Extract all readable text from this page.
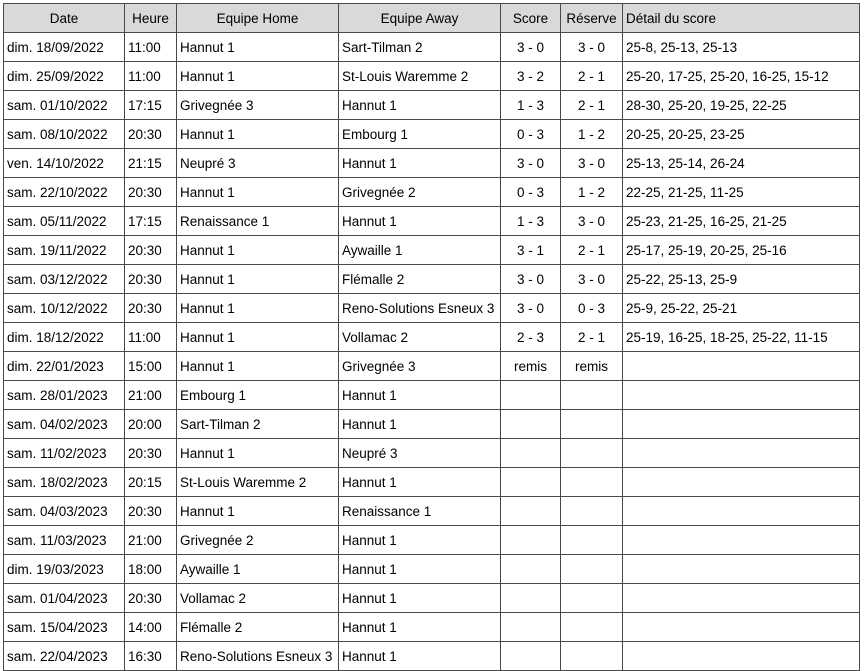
Date	Heure	Equipe Home	Equipe Away	Score	Réserve	Détail du score
dim. 18/09/2022	11:00	Hannut 1	Sart-Tilman 2	3 - 0	3 - 0	25-8, 25-13, 25-13
dim. 25/09/2022	11:00	Hannut 1	St-Louis Waremme 2	3 - 2	2 - 1	25-20, 17-25, 25-20, 16-25, 15-12
sam. 01/10/2022	17:15	Grivegnée 3	Hannut 1	1 - 3	2 - 1	28-30, 25-20, 19-25, 22-25
sam. 08/10/2022	20:30	Hannut 1	Embourg 1	0 - 3	1 - 2	20-25, 20-25, 23-25
ven. 14/10/2022	21:15	Neupré 3	Hannut 1	3 - 0	3 - 0	25-13, 25-14, 26-24
sam. 22/10/2022	20:30	Hannut 1	Grivegnée 2	0 - 3	1 - 2	22-25, 21-25, 11-25
sam. 05/11/2022	17:15	Renaissance 1	Hannut 1	1 - 3	3 - 0	25-23, 21-25, 16-25, 21-25
sam. 19/11/2022	20:30	Hannut 1	Aywaille 1	3 - 1	2 - 1	25-17, 25-19, 20-25, 25-16
sam. 03/12/2022	20:30	Hannut 1	Flémalle 2	3 - 0	3 - 0	25-22, 25-13, 25-9
sam. 10/12/2022	20:30	Hannut 1	Reno-Solutions Esneux 3	3 - 0	0 - 3	25-9, 25-22, 25-21
dim. 18/12/2022	11:00	Hannut 1	Vollamac 2	2 - 3	2 - 1	25-19, 16-25, 18-25, 25-22, 11-15
dim. 22/01/2023	15:00	Hannut 1	Grivegnée 3	remis	remis	
sam. 28/01/2023	21:00	Embourg 1	Hannut 1			
sam. 04/02/2023	20:00	Sart-Tilman 2	Hannut 1			
sam. 11/02/2023	20:30	Hannut 1	Neupré 3			
sam. 18/02/2023	20:15	St-Louis Waremme 2	Hannut 1			
sam. 04/03/2023	20:30	Hannut 1	Renaissance 1			
sam. 11/03/2023	21:00	Grivegnée 2	Hannut 1			
dim. 19/03/2023	18:00	Aywaille 1	Hannut 1			
sam. 01/04/2023	20:30	Vollamac 2	Hannut 1			
sam. 15/04/2023	14:00	Flémalle 2	Hannut 1			
sam. 22/04/2023	16:30	Reno-Solutions Esneux 3	Hannut 1			
